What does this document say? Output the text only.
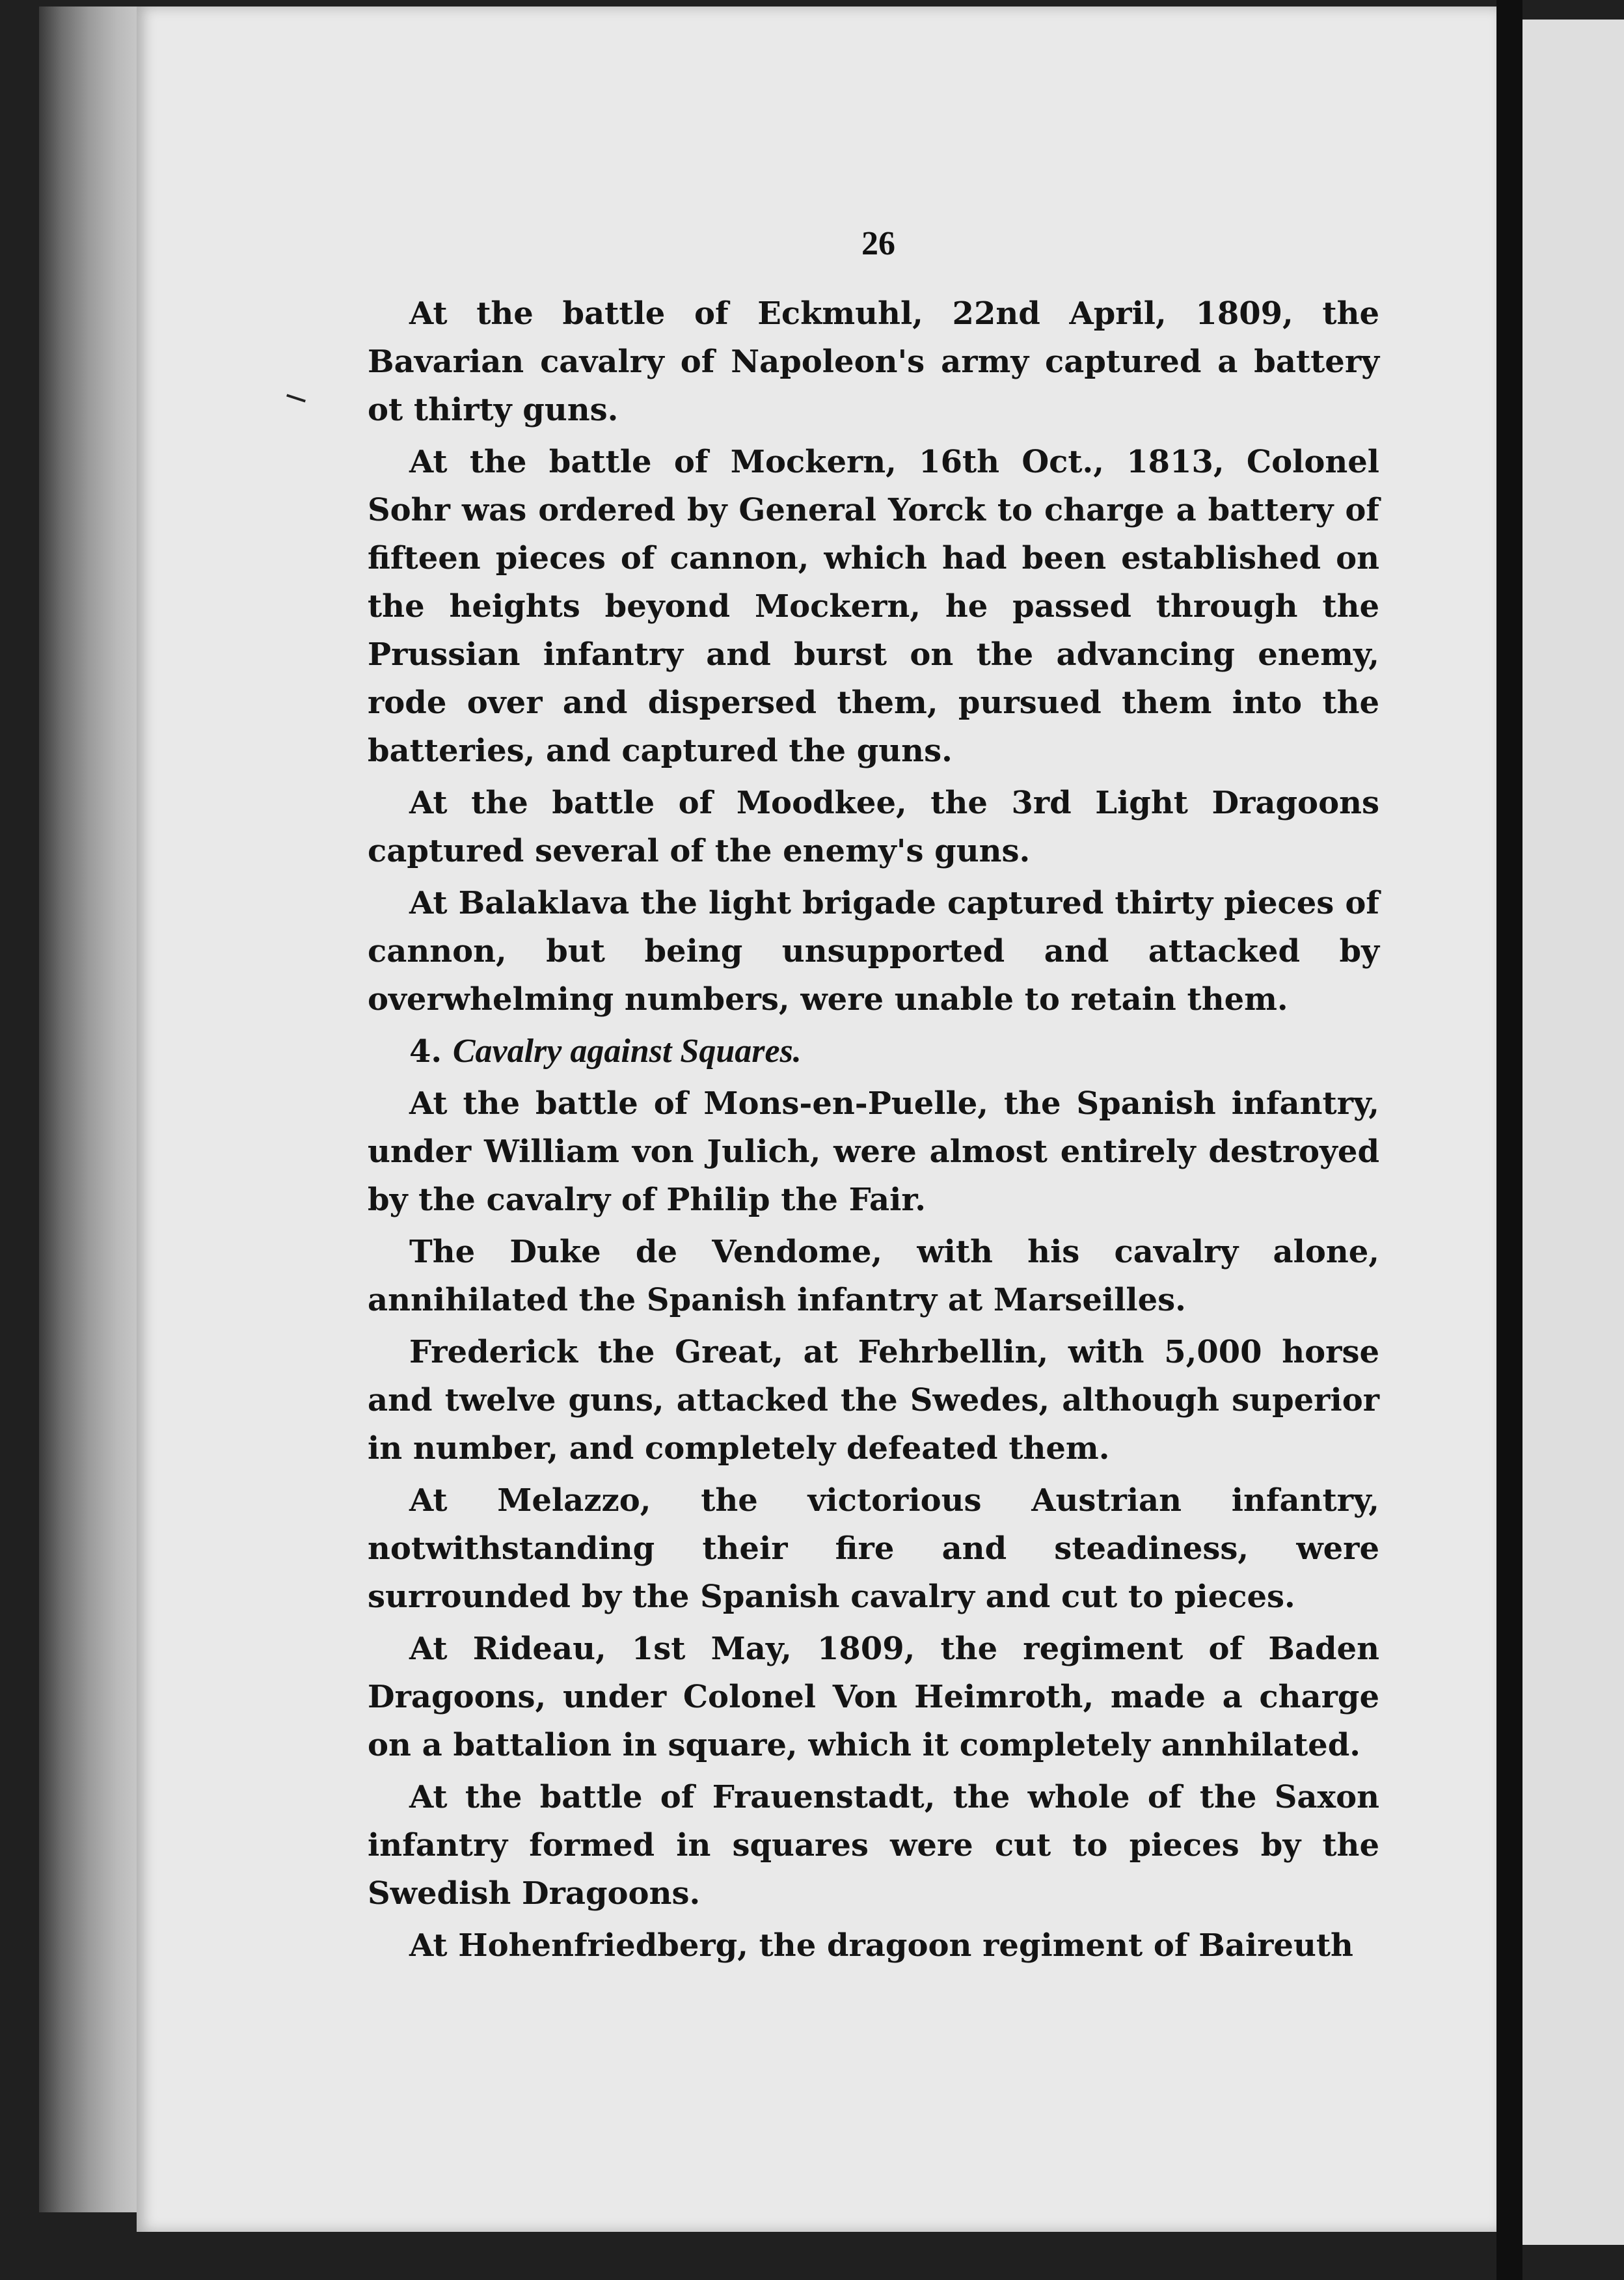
26

At the battle of Eckmuhl, 22nd April, 1809, the Bavarian cavalry of Napoleon's army captured a battery ot thirty guns.

At the battle of Mockern, 16th Oct., 1813, Colonel Sohr was ordered by General Yorck to charge a battery of fifteen pieces of cannon, which had been established on the heights beyond Mockern, he passed through the Prussian infantry and burst on the advancing enemy, rode over and dispersed them, pursued them into the batteries, and captured the guns.

At the battle of Moodkee, the 3rd Light Dragoons captured several of the enemy's guns.

At Balaklava the light brigade captured thirty pieces of cannon, but being unsupported and attacked by overwhelming numbers, were unable to retain them.

4. Cavalry against Squares.

At the battle of Mons-en-Puelle, the Spanish infantry, under William von Julich, were almost entirely destroyed by the cavalry of Philip the Fair.

The Duke de Vendome, with his cavalry alone, annihilated the Spanish infantry at Marseilles.

Frederick the Great, at Fehrbellin, with 5,000 horse and twelve guns, attacked the Swedes, although superior in number, and completely defeated them.

At Melazzo, the victorious Austrian infantry, notwithstanding their fire and steadiness, were surrounded by the Spanish cavalry and cut to pieces.

At Rideau, 1st May, 1809, the regiment of Baden Dragoons, under Colonel Von Heimroth, made a charge on a battalion in square, which it completely annhilated.

At the battle of Frauenstadt, the whole of the Saxon infantry formed in squares were cut to pieces by the Swedish Dragoons.

At Hohenfriedberg, the dragoon regiment of Baireuth
